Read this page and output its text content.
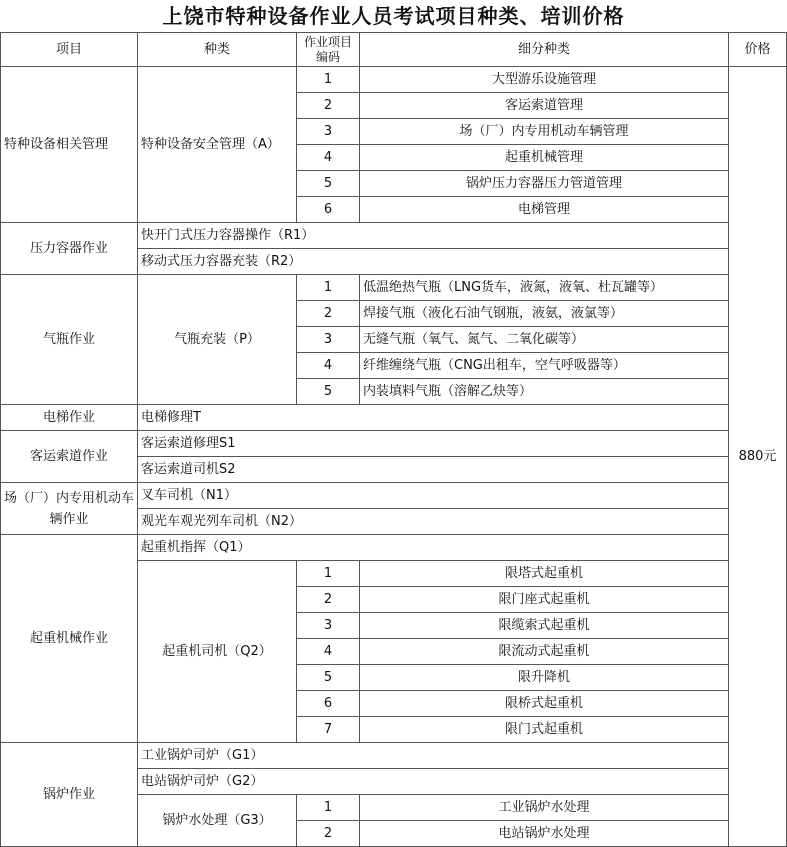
上饶市特种设备作业人员考试项目种类、培训价格
项目	种类	作业项目编码	细分种类	价格
特种设备相关管理	特种设备安全管理（A）	1	大型游乐设施管理	880元
		2	客运索道管理	
		3	场（厂）内专用机动车辆管理	
		4	起重机械管理	
		5	锅炉压力容器压力管道管理	
		6	电梯管理	
压力容器作业	快开门式压力容器操作（R1）			
	移动式压力容器充装（R2）			
气瓶作业	气瓶充装（P）	1	低温绝热气瓶（LNG货车，液氮，液氧、杜瓦罐等）	
		2	焊接气瓶（液化石油气钢瓶，液氨，液氯等）	
		3	无缝气瓶（氧气、氮气、二氧化碳等）	
		4	纤维缠绕气瓶（CNG出租车，空气呼吸器等）	
		5	内装填料气瓶（溶解乙炔等）	
电梯作业	电梯修理T			
客运索道作业	客运索道修理S1			
	客运索道司机S2			
场（厂）内专用机动车辆作业	叉车司机（N1）			
	观光车观光列车司机（N2）			
起重机械作业	起重机指挥（Q1）			
	起重机司机（Q2）	1	限塔式起重机	
		2	限门座式起重机	
		3	限缆索式起重机	
		4	限流动式起重机	
		5	限升降机	
		6	限桥式起重机	
		7	限门式起重机	
锅炉作业	工业锅炉司炉（G1）			
	电站锅炉司炉（G2）			
	锅炉水处理（G3）	1	工业锅炉水处理	
		2	电站锅炉水处理	
